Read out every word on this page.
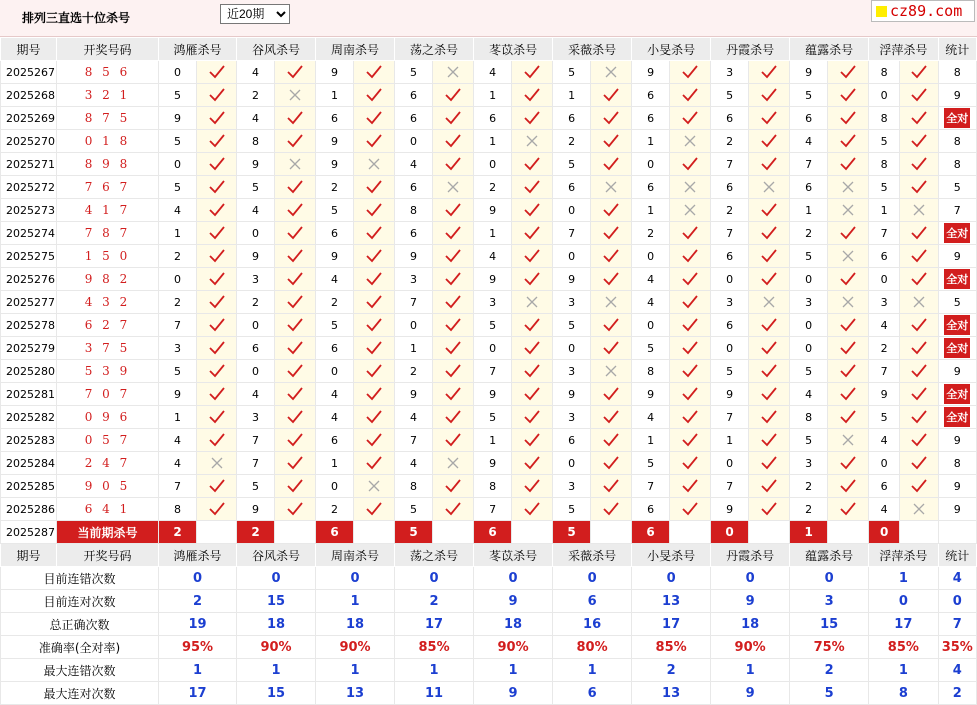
排列三直选十位杀号
近20期	cz89.com
期号	开奖号码	鸿雁杀号		谷风杀号		周南杀号		荡之杀号		苳苡杀号		采薇杀号		小旻杀号		丹霞杀号		蕴露杀号		浮萍杀号		统计
2025267	8 5 6	0		4		9		5		4		5		9		3		9		8		8
2025268	3 2 1	5		2		1		6		1		1		6		5		5		0		9
2025269	8 7 5	9		4		6		6		6		6		6		6		6		8		全对
2025270	0 1 8	5		8		9		0		1		2		1		2		4		5		8
2025271	8 9 8	0		9		9		4		0		5		0		7		7		8		8
2025272	7 6 7	5		5		2		6		2		6		6		6		6		5		5
2025273	4 1 7	4		4		5		8		9		0		1		2		1		1		7
2025274	7 8 7	1		0		6		6		1		7		2		7		2		7		全对
2025275	1 5 0	2		9		9		9		4		0		0		6		5		6		9
2025276	9 8 2	0		3		4		3		9		9		4		0		0		0		全对
2025277	4 3 2	2		2		2		7		3		3		4		3		3		3		5
2025278	6 2 7	7		0		5		0		5		5		0		6		0		4		全对
2025279	3 7 5	3		6		6		1		0		0		5		0		0		2		全对
2025280	5 3 9	5		0		0		2		7		3		8		5		5		7		9
2025281	7 0 7	9		4		4		9		9		9		9		9		4		9		全对
2025282	0 9 6	1		3		4		4		5		3		4		7		8		5		全对
2025283	0 5 7	4		7		6		7		1		6		1		1		5		4		9
2025284	2 4 7	4		7		1		4		9		0		5		0		3		0		8
2025285	9 0 5	7		5		0		8		8		3		7		7		2		6		9
2025286	6 4 1	8		9		2		5		7		5		6		9		2		4		9
2025287	当前期杀号	2		2		6		5		6		5		6		0		1		0		
期号	开奖号码	鸿雁杀号		谷风杀号		周南杀号		荡之杀号		苳苡杀号		采薇杀号		小旻杀号		丹霞杀号		蕴露杀号		浮萍杀号		统计
目前连错次数		0		0		0		0		0		0		0		0		0		1		4
目前连对次数		2		15		1		2		9		6		13		9		3		0		0
总正确次数		19		18		18		17		18		16		17		18		15		17		7
准确率(全对率)		95%		90%		90%		85%		90%		80%		85%		90%		75%		85%		35%
最大连错次数		1		1		1		1		1		1		2		1		2		1		4
最大连对次数		17		15		13		11		9		6		13		9		5		8		2
